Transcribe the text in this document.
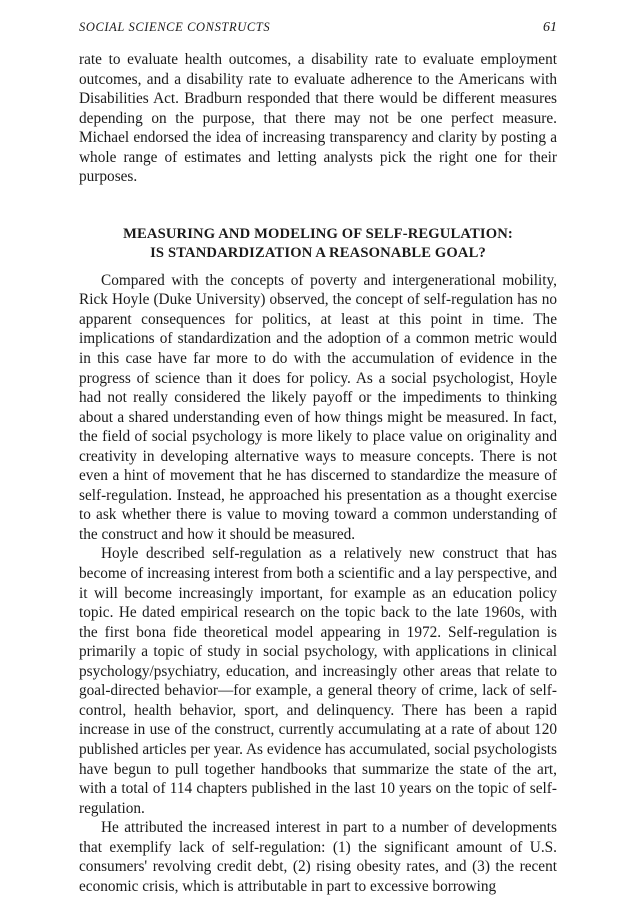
SOCIAL SCIENCE CONSTRUCTS	61

rate to evaluate health outcomes, a disability rate to evaluate employment outcomes, and a disability rate to evaluate adherence to the Americans with Disabilities Act. Bradburn responded that there would be different measures depending on the purpose, that there may not be one perfect measure. Michael endorsed the idea of increasing transparency and clarity by posting a whole range of estimates and letting analysts pick the right one for their purposes.

MEASURING AND MODELING OF SELF-REGULATION:
IS STANDARDIZATION A REASONABLE GOAL?

Compared with the concepts of poverty and intergenerational mobility, Rick Hoyle (Duke University) observed, the concept of self-regulation has no apparent consequences for politics, at least at this point in time. The implications of standardization and the adoption of a common metric would in this case have far more to do with the accumulation of evidence in the progress of science than it does for policy. As a social psychologist, Hoyle had not really considered the likely payoff or the impediments to thinking about a shared understanding even of how things might be measured. In fact, the field of social psychology is more likely to place value on originality and creativity in developing alternative ways to measure concepts. There is not even a hint of movement that he has discerned to standardize the measure of self-regulation. Instead, he approached his presentation as a thought exercise to ask whether there is value to moving toward a common understanding of the construct and how it should be measured.

Hoyle described self-regulation as a relatively new construct that has become of increasing interest from both a scientific and a lay perspective, and it will become increasingly important, for example as an education policy topic. He dated empirical research on the topic back to the late 1960s, with the first bona fide theoretical model appearing in 1972. Self-regulation is primarily a topic of study in social psychology, with applications in clinical psychology/psychiatry, education, and increasingly other areas that relate to goal-directed behavior—for example, a general theory of crime, lack of self-control, health behavior, sport, and delinquency. There has been a rapid increase in use of the construct, currently accumulating at a rate of about 120 published articles per year. As evidence has accumulated, social psychologists have begun to pull together handbooks that summarize the state of the art, with a total of 114 chapters published in the last 10 years on the topic of self-regulation.

He attributed the increased interest in part to a number of developments that exemplify lack of self-regulation: (1) the significant amount of U.S. consumers' revolving credit debt, (2) rising obesity rates, and (3) the recent economic crisis, which is attributable in part to excessive borrowing
